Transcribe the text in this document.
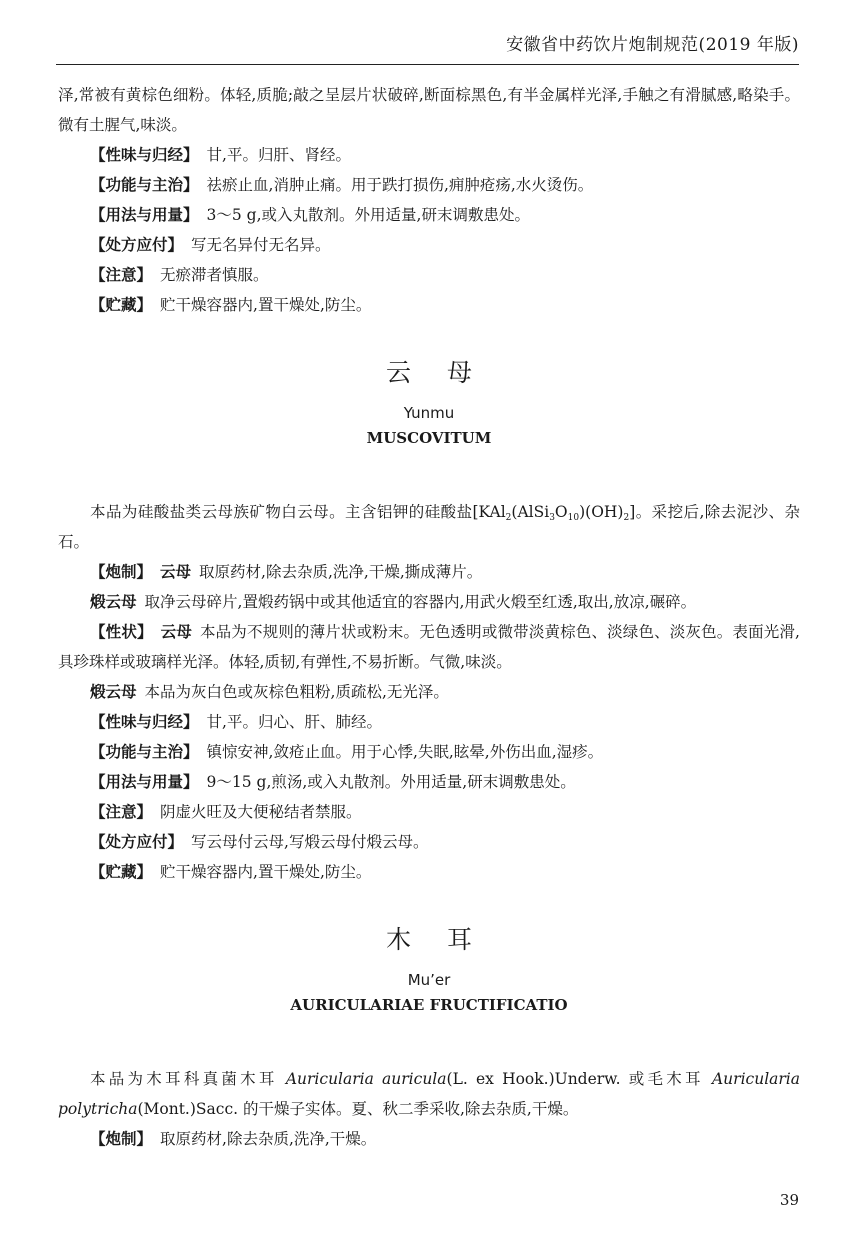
安徽省中药饮片炮制规范(2019 年版)

泽,常被有黄棕色细粉。体轻,质脆;敲之呈层片状破碎,断面棕黑色,有半金属样光泽,手触之有滑腻感,略染手。微有土腥气,味淡。

【性味与归经】 甘,平。归肝、肾经。

【功能与主治】 祛瘀止血,消肿止痛。用于跌打损伤,痈肿疮疡,水火烫伤。

【用法与用量】 3～5 g,或入丸散剂。外用适量,研末调敷患处。

【处方应付】 写无名异付无名异。

【注意】 无瘀滞者慎服。

【贮藏】 贮干燥容器内,置干燥处,防尘。

云母

Yunmu

MUSCOVITUM

本品为硅酸盐类云母族矿物白云母。主含铝钾的硅酸盐$[KAl_2(AlSi_3O_{10})(OH)_2]$。采挖后,除去泥沙、杂石。

【炮制】 云母 取原药材,除去杂质,洗净,干燥,撕成薄片。

煅云母 取净云母碎片,置煅药锅中或其他适宜的容器内,用武火煅至红透,取出,放凉,碾碎。

【性状】 云母 本品为不规则的薄片状或粉末。无色透明或微带淡黄棕色、淡绿色、淡灰色。表面光滑,具珍珠样或玻璃样光泽。体轻,质韧,有弹性,不易折断。气微,味淡。

煅云母 本品为灰白色或灰棕色粗粉,质疏松,无光泽。

【性味与归经】 甘,平。归心、肝、肺经。

【功能与主治】 镇惊安神,敛疮止血。用于心悸,失眠,眩晕,外伤出血,湿疹。

【用法与用量】 9～15 g,煎汤,或入丸散剂。外用适量,研末调敷患处。

【注意】 阴虚火旺及大便秘结者禁服。

【处方应付】 写云母付云母,写煅云母付煅云母。

【贮藏】 贮干燥容器内,置干燥处,防尘。

木耳

Mu’er

AURICULARIAE FRUCTIFICATIO

本品为木耳科真菌木耳 Auricularia auricula(L. ex Hook.)Underw. 或毛木耳 Auricularia polytricha(Mont.)Sacc. 的干燥子实体。夏、秋二季采收,除去杂质,干燥。

【炮制】 取原药材,除去杂质,洗净,干燥。

39
